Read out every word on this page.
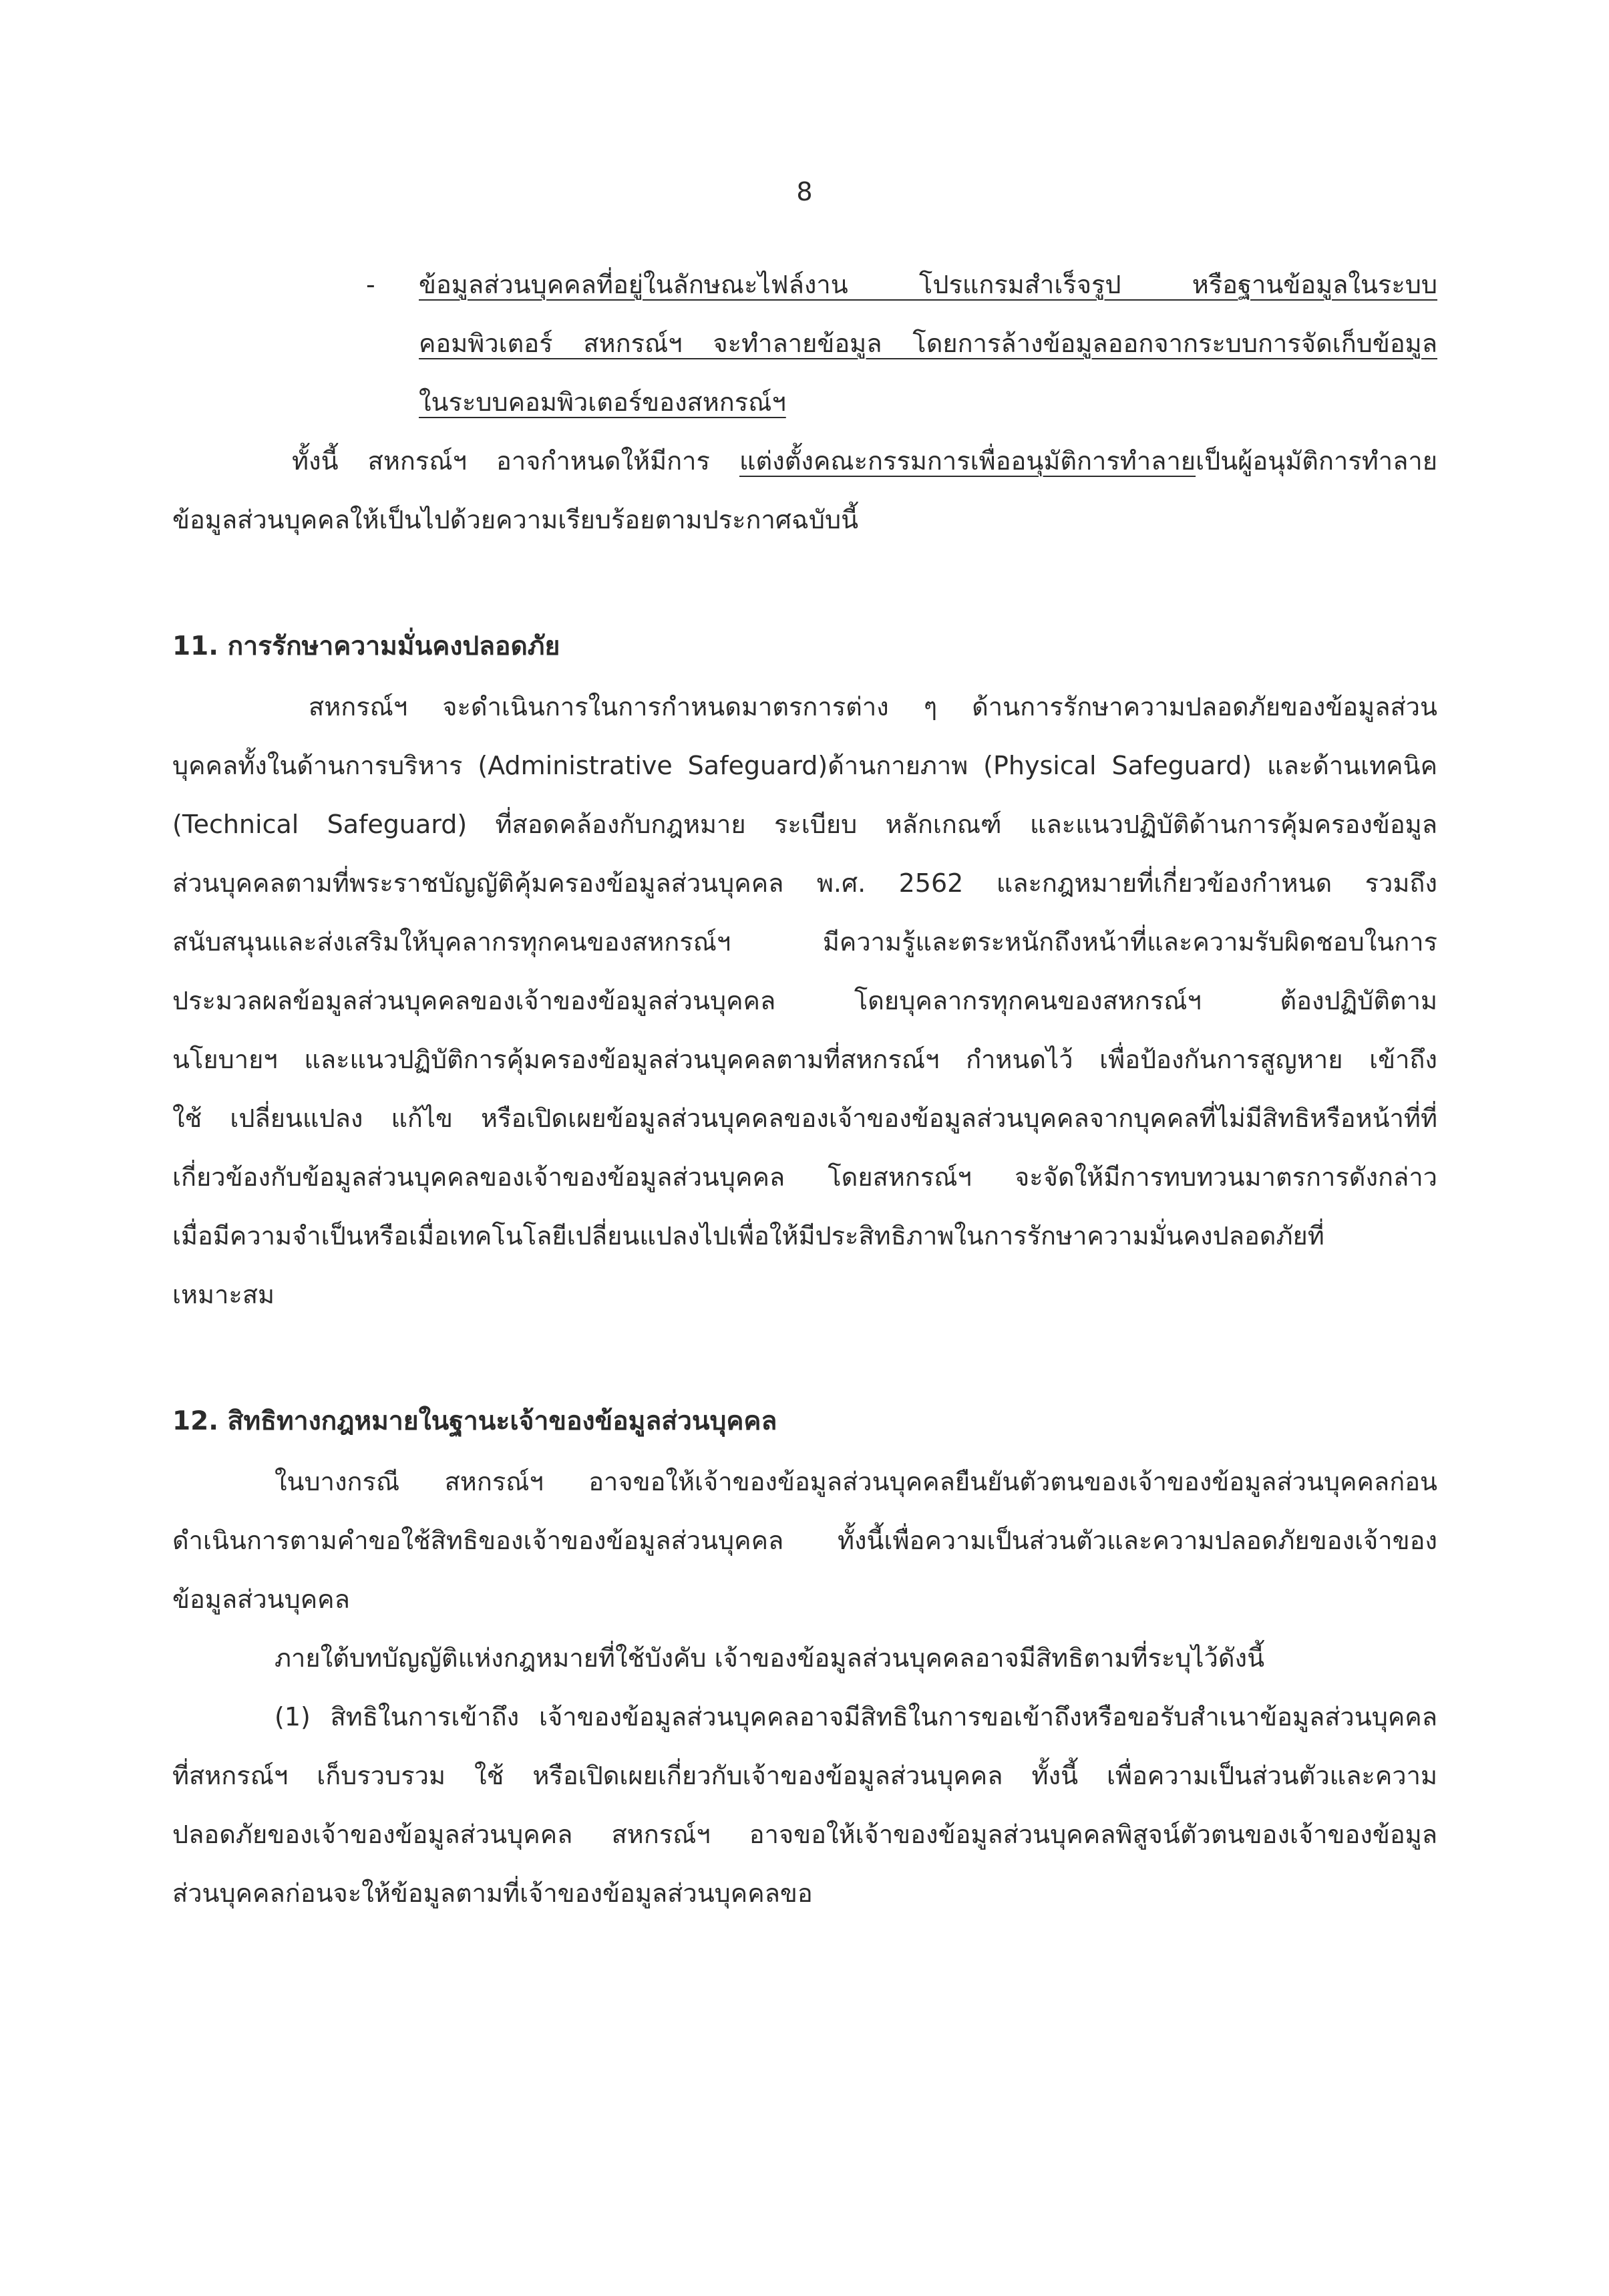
8
- ข้อมูลส่วนบุคคลที่อยู่ในลักษณะไฟล์งาน โปรแกรมสำเร็จรูป หรือฐานข้อมูลในระบบ
คอมพิวเตอร์ สหกรณ์ฯ จะทำลายข้อมูล โดยการล้างข้อมูลออกจากระบบการจัดเก็บข้อมูล
ในระบบคอมพิวเตอร์ของสหกรณ์ฯ
ทั้งนี้ สหกรณ์ฯ อาจกำหนดให้มีการ แต่งตั้งคณะกรรมการเพื่ออนุมัติการทำลายเป็นผู้อนุมัติการทำลาย
ข้อมูลส่วนบุคคลให้เป็นไปด้วยความเรียบร้อยตามประกาศฉบับนี้
11. การรักษาความมั่นคงปลอดภัย
สหกรณ์ฯ จะดำเนินการในการกำหนดมาตรการต่าง ๆ ด้านการรักษาความปลอดภัยของข้อมูลส่วน
บุคคลทั้งในด้านการบริหาร (Administrative Safeguard)ด้านกายภาพ (Physical Safeguard) และด้านเทคนิค
(Technical Safeguard) ที่สอดคล้องกับกฎหมาย ระเบียบ หลักเกณฑ์ และแนวปฏิบัติด้านการคุ้มครองข้อมูล
ส่วนบุคคลตามที่พระราชบัญญัติคุ้มครองข้อมูลส่วนบุคคล พ.ศ. 2562 และกฎหมายที่เกี่ยวข้องกำหนด รวมถึง
สนับสนุนและส่งเสริมให้บุคลากรทุกคนของสหกรณ์ฯ มีความรู้และตระหนักถึงหน้าที่และความรับผิดชอบในการ
ประมวลผลข้อมูลส่วนบุคคลของเจ้าของข้อมูลส่วนบุคคล โดยบุคลากรทุกคนของสหกรณ์ฯ ต้องปฏิบัติตาม
นโยบายฯ และแนวปฏิบัติการคุ้มครองข้อมูลส่วนบุคคลตามที่สหกรณ์ฯ กำหนดไว้ เพื่อป้องกันการสูญหาย เข้าถึง
ใช้ เปลี่ยนแปลง แก้ไข หรือเปิดเผยข้อมูลส่วนบุคคลของเจ้าของข้อมูลส่วนบุคคลจากบุคคลที่ไม่มีสิทธิหรือหน้าที่ที่
เกี่ยวข้องกับข้อมูลส่วนบุคคลของเจ้าของข้อมูลส่วนบุคคล โดยสหกรณ์ฯ จะจัดให้มีการทบทวนมาตรการดังกล่าว
เมื่อมีความจำเป็นหรือเมื่อเทคโนโลยีเปลี่ยนแปลงไปเพื่อให้มีประสิทธิภาพในการรักษาความมั่นคงปลอดภัยที่
เหมาะสม
12. สิทธิทางกฎหมายในฐานะเจ้าของข้อมูลส่วนบุคคล
ในบางกรณี สหกรณ์ฯ อาจขอให้เจ้าของข้อมูลส่วนบุคคลยืนยันตัวตนของเจ้าของข้อมูลส่วนบุคคลก่อน
ดำเนินการตามคำขอใช้สิทธิของเจ้าของข้อมูลส่วนบุคคล ทั้งนี้เพื่อความเป็นส่วนตัวและความปลอดภัยของเจ้าของ
ข้อมูลส่วนบุคคล
ภายใต้บทบัญญัติแห่งกฎหมายที่ใช้บังคับ เจ้าของข้อมูลส่วนบุคคลอาจมีสิทธิตามที่ระบุไว้ดังนี้
(1) สิทธิในการเข้าถึง เจ้าของข้อมูลส่วนบุคคลอาจมีสิทธิในการขอเข้าถึงหรือขอรับสำเนาข้อมูลส่วนบุคคล
ที่สหกรณ์ฯ เก็บรวบรวม ใช้ หรือเปิดเผยเกี่ยวกับเจ้าของข้อมูลส่วนบุคคล ทั้งนี้ เพื่อความเป็นส่วนตัวและความ
ปลอดภัยของเจ้าของข้อมูลส่วนบุคคล สหกรณ์ฯ อาจขอให้เจ้าของข้อมูลส่วนบุคคลพิสูจน์ตัวตนของเจ้าของข้อมูล
ส่วนบุคคลก่อนจะให้ข้อมูลตามที่เจ้าของข้อมูลส่วนบุคคลขอ
